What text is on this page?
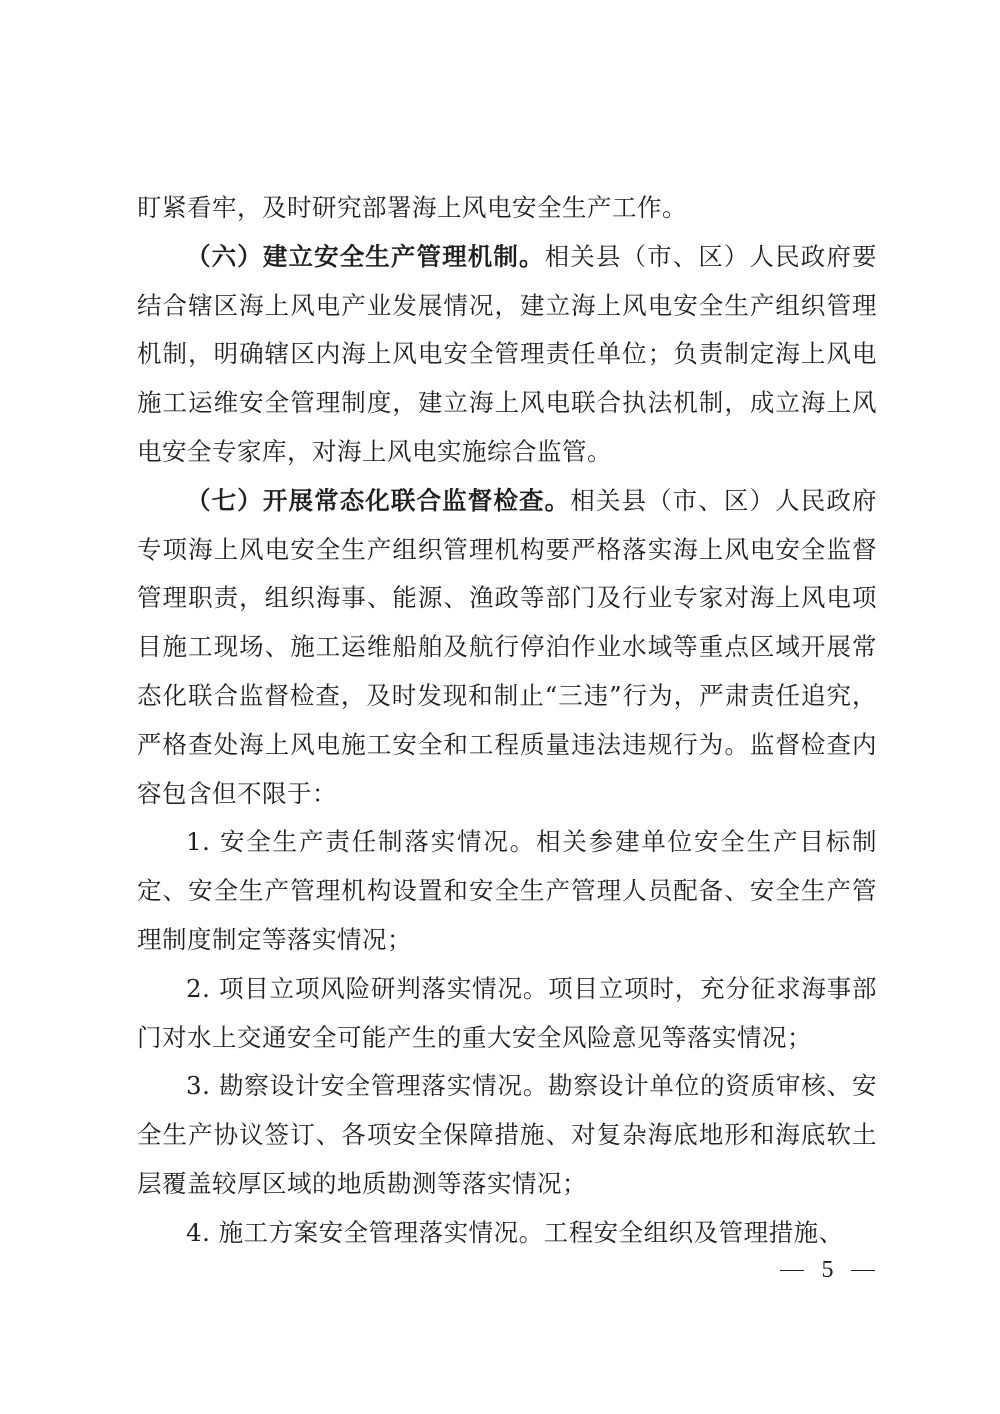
盯紧看牢，及时研究部署海上风电安全生产工作。

（六）建立安全生产管理机制。相关县（市、区）人民政府要结合辖区海上风电产业发展情况，建立海上风电安全生产组织管理机制，明确辖区内海上风电安全管理责任单位；负责制定海上风电施工运维安全管理制度，建立海上风电联合执法机制，成立海上风电安全专家库，对海上风电实施综合监管。

（七）开展常态化联合监督检查。相关县（市、区）人民政府专项海上风电安全生产组织管理机构要严格落实海上风电安全监督管理职责，组织海事、能源、渔政等部门及行业专家对海上风电项目施工现场、施工运维船舶及航行停泊作业水域等重点区域开展常态化联合监督检查，及时发现和制止“三违”行为，严肃责任追究，严格查处海上风电施工安全和工程质量违法违规行为。监督检查内容包含但不限于：

1. 安全生产责任制落实情况。相关参建单位安全生产目标制定、安全生产管理机构设置和安全生产管理人员配备、安全生产管理制度制定等落实情况；

2. 项目立项风险研判落实情况。项目立项时，充分征求海事部门对水上交通安全可能产生的重大安全风险意见等落实情况；

3. 勘察设计安全管理落实情况。勘察设计单位的资质审核、安全生产协议签订、各项安全保障措施、对复杂海底地形和海底软土层覆盖较厚区域的地质勘测等落实情况；

4. 施工方案安全管理落实情况。工程安全组织及管理措施、

5
